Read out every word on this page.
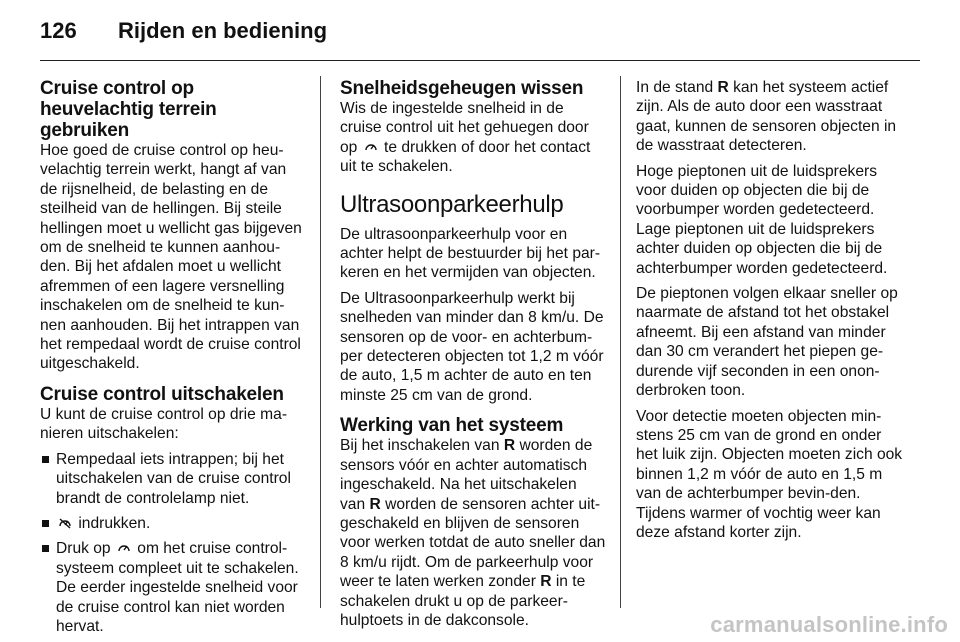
126	Rijden en bediening
Cruise control op heuvelachtig terrein gebruiken

Hoe goed de cruise control op heu-velachtig terrein werkt, hangt af van de rijsnelheid, de belasting en de steilheid van de hellingen. Bij steile hellingen moet u wellicht gas bijgeven om de snelheid te kunnen aanhou-den. Bij het afdalen moet u wellicht afremmen of een lagere versnelling inschakelen om de snelheid te kun-nen aanhouden. Bij het intrappen van het rempedaal wordt de cruise control uitgeschakeld.

Cruise control uitschakelen

U kunt de cruise control op drie ma-nieren uitschakelen:

Rempedaal iets intrappen; bij het uitschakelen van de cruise control brandt de controlelamp niet.
indrukken.
Druk op  om het cruise control-systeem compleet uit te schakelen. De eerder ingestelde snelheid voor de cruise control kan niet worden hervat.
Snelheidsgeheugen wissen

Wis de ingestelde snelheid in de cruise control uit het gehuegen door op  te drukken of door het contact uit te schakelen.

Ultrasoonparkeerhulp

De ultrasoonparkeerhulp voor en achter helpt de bestuurder bij het par-keren en het vermijden van objecten.

De Ultrasoonparkeerhulp werkt bij snelheden van minder dan 8 km/u. De sensoren op de voor- en achterbum-per detecteren objecten tot 1,2 m vóór de auto, 1,5 m achter de auto en ten minste 25 cm van de grond.

Werking van het systeem

Bij het inschakelen van R worden de sensors vóór en achter automatisch ingeschakeld. Na het uitschakelen van R worden de sensoren achter uit-geschakeld en blijven de sensoren voor werken totdat de auto sneller dan 8 km/u rijdt. Om de parkeerhulp voor weer te laten werken zonder R in te schakelen drukt u op de parkeer-hulptoets in de dakconsole.

In de stand R kan het systeem actief zijn. Als de auto door een wasstraat gaat, kunnen de sensoren objecten in de wasstraat detecteren.

Hoge pieptonen uit de luidsprekers voor duiden op objecten die bij de voorbumper worden gedetecteerd. Lage pieptonen uit de luidsprekers achter duiden op objecten die bij de achterbumper worden gedetecteerd.

De pieptonen volgen elkaar sneller op naarmate de afstand tot het obstakel afneemt. Bij een afstand van minder dan 30 cm verandert het piepen ge-durende vijf seconden in een onon-derbroken toon.

Voor detectie moeten objecten min-stens 25 cm van de grond en onder het luik zijn. Objecten moeten zich ook binnen 1,2 m vóór de auto en 1,5 m van de achterbumper bevin-den. Tijdens warmer of vochtig weer kan deze afstand korter zijn.

carmanualsonline.info
